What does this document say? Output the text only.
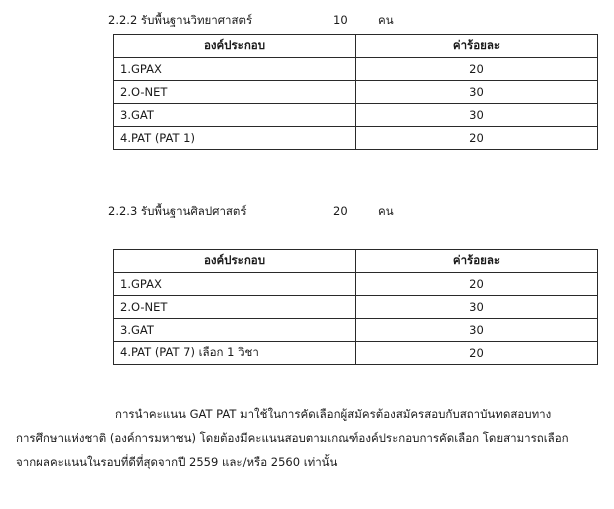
2.2.2 รับพื้นฐานวิทยาศาสตร์	10	คน
องค์ประกอบ	ค่าร้อยละ
1.GPAX	20
2.O-NET	30
3.GAT	30
4.PAT (PAT 1)	20
2.2.3 รับพื้นฐานศิลปศาสตร์	20	คน
องค์ประกอบ	ค่าร้อยละ
1.GPAX	20
2.O-NET	30
3.GAT	30
4.PAT (PAT 7) เลือก 1 วิชา	20
การนำคะแนน GAT PAT มาใช้ในการคัดเลือกผู้สมัครต้องสมัครสอบกับสถาบันทดสอบทาง
การศึกษาแห่งชาติ (องค์การมหาชน) โดยต้องมีคะแนนสอบตามเกณฑ์องค์ประกอบการคัดเลือก โดยสามารถเลือก
จากผลคะแนนในรอบที่ดีที่สุดจากปี 2559 และ/หรือ 2560 เท่านั้น
